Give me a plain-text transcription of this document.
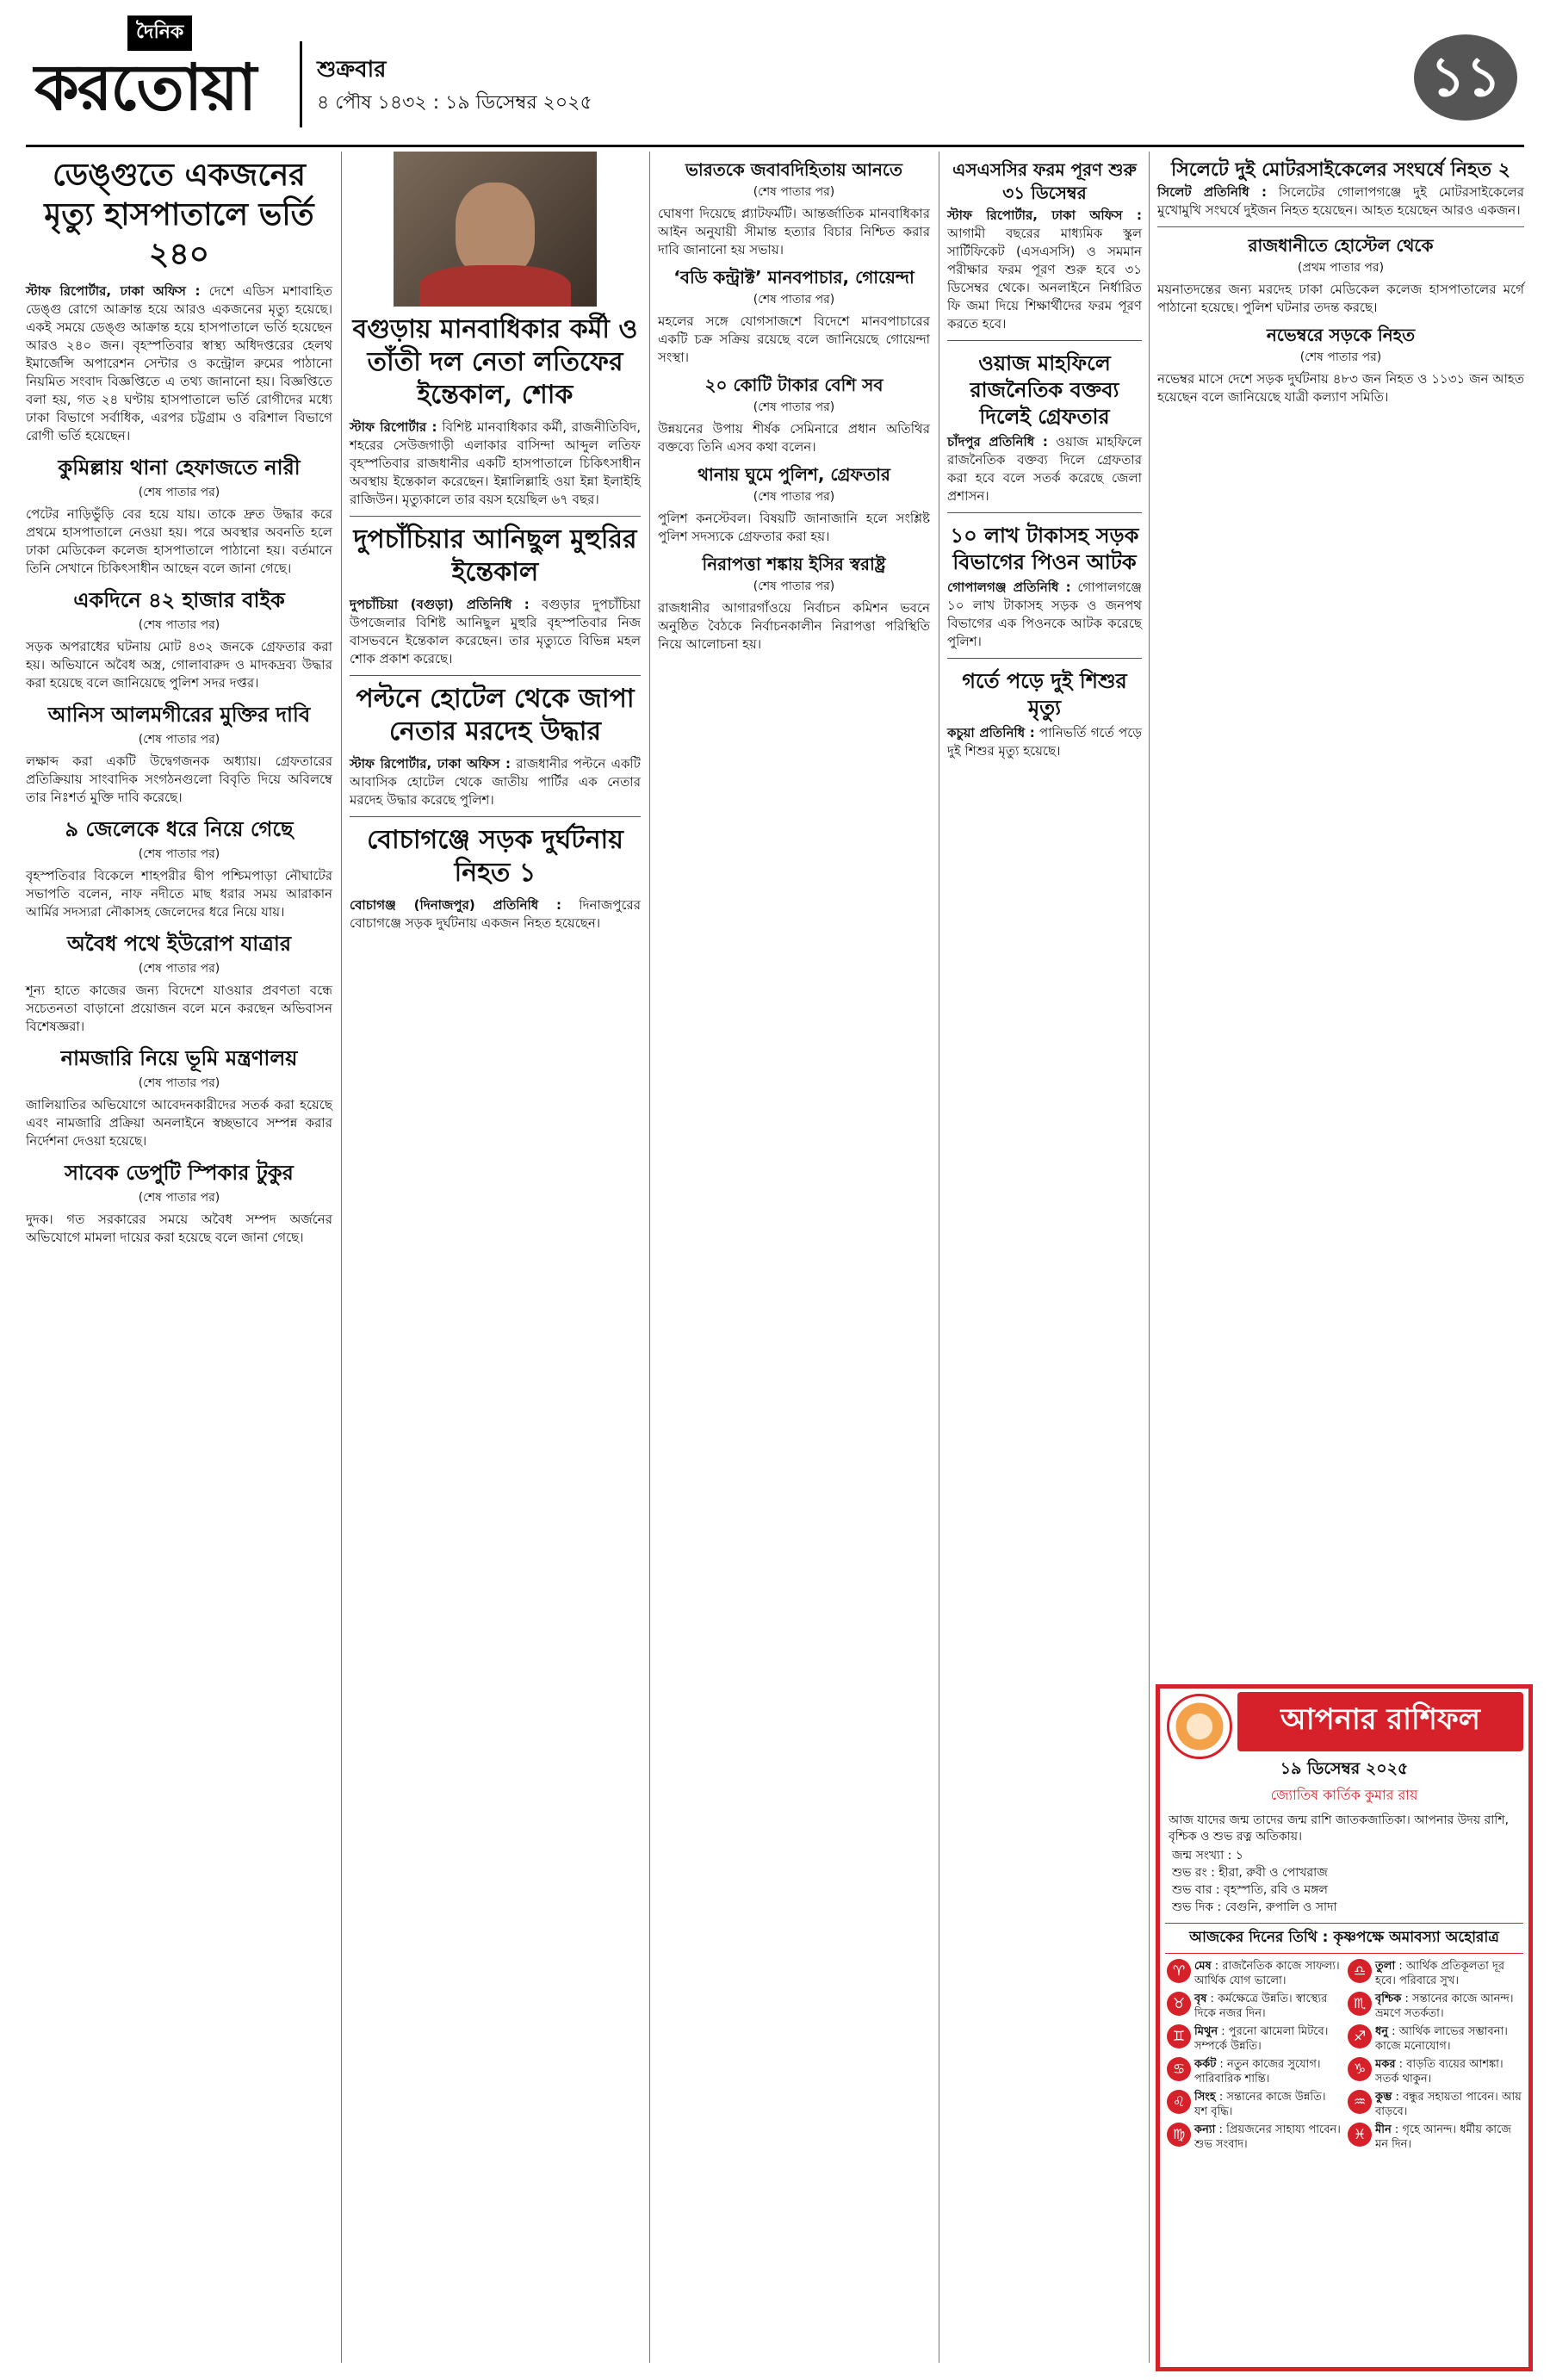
দৈনিক
করতোয়া	শুক্রবার
৪ পৌষ ১৪৩২ : ১৯ ডিসেম্বর ২০২৫	১১
ডেঙ্গুতে একজনের মৃত্যু হাসপাতালে ভর্তি ২৪০

স্টাফ রিপোর্টার, ঢাকা অফিস : দেশে এডিস মশাবাহিত ডেঙ্গু রোগে আক্রান্ত হয়ে আরও একজনের মৃত্যু হয়েছে। একই সময়ে ডেঙ্গু আক্রান্ত হয়ে হাসপাতালে ভর্তি হয়েছেন আরও ২৪০ জন। বৃহস্পতিবার স্বাস্থ্য অধিদপ্তরের হেলথ ইমার্জেন্সি অপারেশন সেন্টার ও কন্ট্রোল রুমের পাঠানো নিয়মিত সংবাদ বিজ্ঞপ্তিতে এ তথ্য জানানো হয়। বিজ্ঞপ্তিতে বলা হয়, গত ২৪ ঘণ্টায় হাসপাতালে ভর্তি রোগীদের মধ্যে ঢাকা বিভাগে সর্বাধিক, এরপর চট্টগ্রাম ও বরিশাল বিভাগে রোগী ভর্তি হয়েছেন।

কুমিল্লায় থানা হেফাজতে নারী
(শেষ পাতার পর)

পেটের নাড়িভুঁড়ি বের হয়ে যায়। তাকে দ্রুত উদ্ধার করে প্রথমে হাসপাতালে নেওয়া হয়। পরে অবস্থার অবনতি হলে ঢাকা মেডিকেল কলেজ হাসপাতালে পাঠানো হয়। বর্তমানে তিনি সেখানে চিকিৎসাধীন আছেন বলে জানা গেছে।

একদিনে ৪২ হাজার বাইক
(শেষ পাতার পর)

সড়ক অপরাধের ঘটনায় মোট ৪৩২ জনকে গ্রেফতার করা হয়। অভিযানে অবৈধ অস্ত্র, গোলাবারুদ ও মাদকদ্রব্য উদ্ধার করা হয়েছে বলে জানিয়েছে পুলিশ সদর দপ্তর।

আনিস আলমগীরের মুক্তির দাবি
(শেষ পাতার পর)

লক্ষাব্দ করা একটি উদ্বেগজনক অধ্যায়। গ্রেফতারের প্রতিক্রিয়ায় সাংবাদিক সংগঠনগুলো বিবৃতি দিয়ে অবিলম্বে তার নিঃশর্ত মুক্তি দাবি করেছে।

৯ জেলেকে ধরে নিয়ে গেছে
(শেষ পাতার পর)

বৃহস্পতিবার বিকেলে শাহপরীর দ্বীপ পশ্চিমপাড়া নৌঘাটের সভাপতি বলেন, নাফ নদীতে মাছ ধরার সময় আরাকান আর্মির সদস্যরা নৌকাসহ জেলেদের ধরে নিয়ে যায়।

অবৈধ পথে ইউরোপ যাত্রার
(শেষ পাতার পর)

শূন্য হাতে কাজের জন্য বিদেশে যাওয়ার প্রবণতা বন্ধে সচেতনতা বাড়ানো প্রয়োজন বলে মনে করছেন অভিবাসন বিশেষজ্ঞরা।

নামজারি নিয়ে ভূমি মন্ত্রণালয়
(শেষ পাতার পর)

জালিয়াতির অভিযোগে আবেদনকারীদের সতর্ক করা হয়েছে এবং নামজারি প্রক্রিয়া অনলাইনে স্বচ্ছভাবে সম্পন্ন করার নির্দেশনা দেওয়া হয়েছে।

সাবেক ডেপুটি স্পিকার টুকুর
(শেষ পাতার পর)

দুদক। গত সরকারের সময়ে অবৈধ সম্পদ অর্জনের অভিযোগে মামলা দায়ের করা হয়েছে বলে জানা গেছে।

বগুড়ায় মানবাধিকার কর্মী ও তাঁতী দল নেতা লতিফের ইন্তেকাল, শোক

স্টাফ রিপোর্টার : বিশিষ্ট মানবাধিকার কর্মী, রাজনীতিবিদ, শহরের সেউজগাড়ী এলাকার বাসিন্দা আব্দুল লতিফ বৃহস্পতিবার রাজধানীর একটি হাসপাতালে চিকিৎসাধীন অবস্থায় ইন্তেকাল করেছেন। ইন্নালিল্লাহি ওয়া ইন্না ইলাইহি রাজিউন। মৃত্যুকালে তার বয়স হয়েছিল ৬৭ বছর।

দুপচাঁচিয়ার আনিছুল মুহুরির ইন্তেকাল

দুপচাঁচিয়া (বগুড়া) প্রতিনিধি : বগুড়ার দুপচাঁচিয়া উপজেলার বিশিষ্ট আনিছুল মুহুরি বৃহস্পতিবার নিজ বাসভবনে ইন্তেকাল করেছেন। তার মৃত্যুতে বিভিন্ন মহল শোক প্রকাশ করেছে।

পল্টনে হোটেল থেকে জাপা নেতার মরদেহ উদ্ধার

স্টাফ রিপোর্টার, ঢাকা অফিস : রাজধানীর পল্টনে একটি আবাসিক হোটেল থেকে জাতীয় পার্টির এক নেতার মরদেহ উদ্ধার করেছে পুলিশ।

বোচাগঞ্জে সড়ক দুর্ঘটনায় নিহত ১

বোচাগঞ্জ (দিনাজপুর) প্রতিনিধি : দিনাজপুরের বোচাগঞ্জে সড়ক দুর্ঘটনায় একজন নিহত হয়েছেন।

ভারতকে জবাবদিহিতায় আনতে
(শেষ পাতার পর)

ঘোষণা দিয়েছে প্ল্যাটফর্মটি। আন্তর্জাতিক মানবাধিকার আইন অনুযায়ী সীমান্ত হত্যার বিচার নিশ্চিত করার দাবি জানানো হয় সভায়।

‘বডি কন্ট্রাক্ট’ মানবপাচার, গোয়েন্দা
(শেষ পাতার পর)

মহলের সঙ্গে যোগসাজশে বিদেশে মানবপাচারের একটি চক্র সক্রিয় রয়েছে বলে জানিয়েছে গোয়েন্দা সংস্থা।

২০ কোটি টাকার বেশি সব
(শেষ পাতার পর)

উন্নয়নের উপায় শীর্ষক সেমিনারে প্রধান অতিথির বক্তব্যে তিনি এসব কথা বলেন।

থানায় ঘুমে পুলিশ, গ্রেফতার
(শেষ পাতার পর)

পুলিশ কনস্টেবল। বিষয়টি জানাজানি হলে সংশ্লিষ্ট পুলিশ সদস্যকে গ্রেফতার করা হয়।

নিরাপত্তা শঙ্কায় ইসির স্বরাষ্ট্র
(শেষ পাতার পর)

রাজধানীর আগারগাঁওয়ে নির্বাচন কমিশন ভবনে অনুষ্ঠিত বৈঠকে নির্বাচনকালীন নিরাপত্তা পরিস্থিতি নিয়ে আলোচনা হয়।

এসএসসির ফরম পূরণ শুরু ৩১ ডিসেম্বর

স্টাফ রিপোর্টার, ঢাকা অফিস : আগামী বছরের মাধ্যমিক স্কুল সার্টিফিকেট (এসএসসি) ও সমমান পরীক্ষার ফরম পূরণ শুরু হবে ৩১ ডিসেম্বর থেকে। অনলাইনে নির্ধারিত ফি জমা দিয়ে শিক্ষার্থীদের ফরম পূরণ করতে হবে।

ওয়াজ মাহফিলে রাজনৈতিক বক্তব্য দিলেই গ্রেফতার

চাঁদপুর প্রতিনিধি : ওয়াজ মাহফিলে রাজনৈতিক বক্তব্য দিলে গ্রেফতার করা হবে বলে সতর্ক করেছে জেলা প্রশাসন।

১০ লাখ টাকাসহ সড়ক বিভাগের পিওন আটক

গোপালগঞ্জ প্রতিনিধি : গোপালগঞ্জে ১০ লাখ টাকাসহ সড়ক ও জনপথ বিভাগের এক পিওনকে আটক করেছে পুলিশ।

গর্তে পড়ে দুই শিশুর মৃত্যু

কচুয়া প্রতিনিধি : পানিভর্তি গর্তে পড়ে দুই শিশুর মৃত্যু হয়েছে।

সিলেটে দুই মোটরসাইকেলের সংঘর্ষে নিহত ২

সিলেট প্রতিনিধি : সিলেটের গোলাপগঞ্জে দুই মোটরসাইকেলের মুখোমুখি সংঘর্ষে দুইজন নিহত হয়েছেন। আহত হয়েছেন আরও একজন।

রাজধানীতে হোস্টেল থেকে
(প্রথম পাতার পর)

ময়নাতদন্তের জন্য মরদেহ ঢাকা মেডিকেল কলেজ হাসপাতালের মর্গে পাঠানো হয়েছে। পুলিশ ঘটনার তদন্ত করছে।

নভেম্বরে সড়কে নিহত
(শেষ পাতার পর)

নভেম্বর মাসে দেশে সড়ক দুর্ঘটনায় ৪৮৩ জন নিহত ও ১১৩১ জন আহত হয়েছেন বলে জানিয়েছে যাত্রী কল্যাণ সমিতি।

আপনার রাশিফল
১৯ ডিসেম্বর ২০২৫
জ্যোতিষ কার্তিক কুমার রায়
আজ যাদের জন্ম তাদের জন্ম রাশি জাতকজাতিকা। আপনার উদয় রাশি, বৃশ্চিক ও শুভ রত্ন অতিকায়।
জন্ম সংখ্যা : ১
শুভ রং : হীরা, রুবী ও পোখরাজ
শুভ বার : বৃহস্পতি, রবি ও মঙ্গল
শুভ দিক : বেগুনি, রুপালি ও সাদা
আজকের দিনের তিথি : কৃষ্ণপক্ষে অমাবস্যা অহোরাত্র
♈ মেষ : রাজনৈতিক কাজে সাফল্য। আর্থিক যোগ ভালো।
♎ তুলা : আর্থিক প্রতিকূলতা দূর হবে। পরিবারে সুখ।
♉ বৃষ : কর্মক্ষেত্রে উন্নতি। স্বাস্থ্যের দিকে নজর দিন।
♏ বৃশ্চিক : সন্তানের কাজে আনন্দ। ভ্রমণে সতর্কতা।
♊ মিথুন : পুরনো ঝামেলা মিটবে। সম্পর্কে উন্নতি।
♐ ধনু : আর্থিক লাভের সম্ভাবনা। কাজে মনোযোগ।
♋ কর্কট : নতুন কাজের সুযোগ। পারিবারিক শান্তি।
♑ মকর : বাড়তি ব্যয়ের আশঙ্কা। সতর্ক থাকুন।
♌ সিংহ : সন্তানের কাজে উন্নতি। যশ বৃদ্ধি।
♒ কুম্ভ : বন্ধুর সহায়তা পাবেন। আয় বাড়বে।
♍ কন্যা : প্রিয়জনের সাহায্য পাবেন। শুভ সংবাদ।
♓ মীন : গৃহে আনন্দ। ধর্মীয় কাজে মন দিন।
